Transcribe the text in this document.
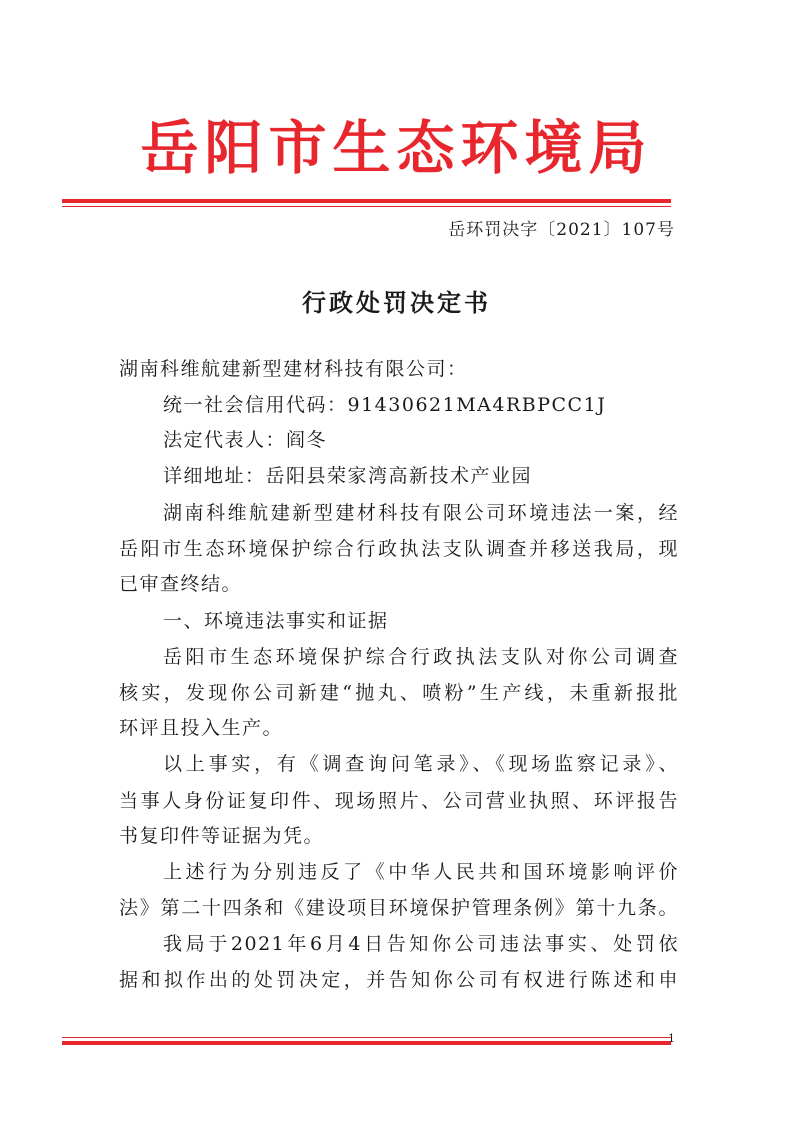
岳阳市生态环境局
岳环罚决字〔2021〕107号
行政处罚决定书
湖南科维航建新型建材科技有限公司：
统一社会信用代码：91430621MA4RBPCC1J
法定代表人：阎冬
详细地址：岳阳县荣家湾高新技术产业园
湖南科维航建新型建材科技有限公司环境违法一案，经
岳阳市生态环境保护综合行政执法支队调查并移送我局，现
已审查终结。
一、环境违法事实和证据
岳阳市生态环境保护综合行政执法支队对你公司调查
核实，发现你公司新建“抛丸、喷粉”生产线，未重新报批
环评且投入生产。
以上事实，有《调查询问笔录》、《现场监察记录》、
当事人身份证复印件、现场照片、公司营业执照、环评报告
书复印件等证据为凭。
上述行为分别违反了《中华人民共和国环境影响评价
法》第二十四条和《建设项目环境保护管理条例》第十九条。
我局于2021年6月4日告知你公司违法事实、处罚依
据和拟作出的处罚决定，并告知你公司有权进行陈述和申
1
